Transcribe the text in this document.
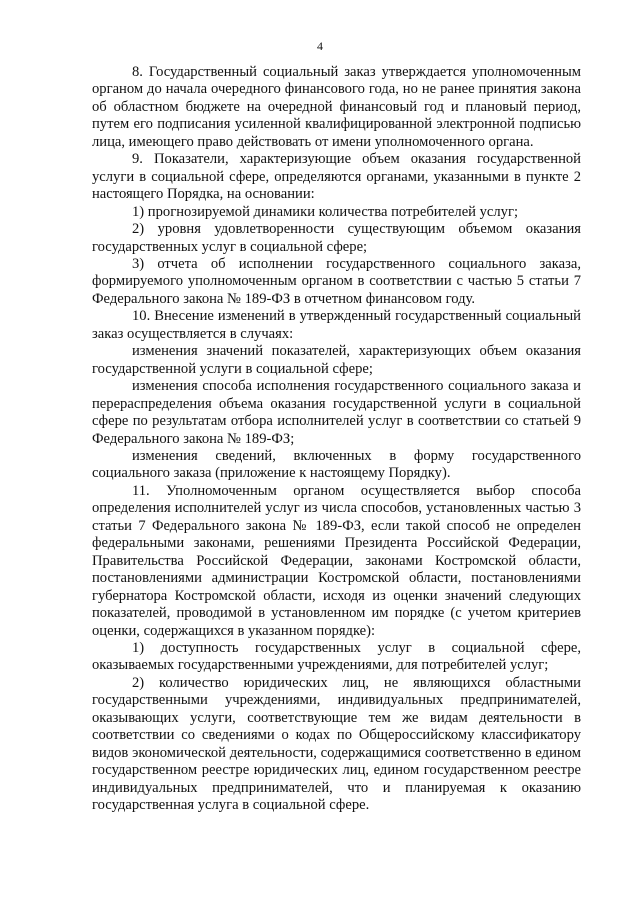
4

8. Государственный социальный заказ утверждается уполномоченным органом до начала очередного финансового года, но не ранее принятия закона об областном бюджете на очередной финансовый год и плановый период, путем его подписания усиленной квалифицированной электронной подписью лица, имеющего право действовать от имени уполномоченного органа.

9. Показатели, характеризующие объем оказания государственной услуги в социальной сфере, определяются органами, указанными в пункте 2 настоящего Порядка, на основании:

1) прогнозируемой динамики количества потребителей услуг;

2) уровня удовлетворенности существующим объемом оказания государственных услуг в социальной сфере;

3) отчета об исполнении государственного социального заказа, формируемого уполномоченным органом в соответствии с частью 5 статьи 7 Федерального закона № 189-ФЗ в отчетном финансовом году.

10. Внесение изменений в утвержденный государственный социальный заказ осуществляется в случаях:

изменения значений показателей, характеризующих объем оказания государственной услуги в социальной сфере;

изменения способа исполнения государственного социального заказа и перераспределения объема оказания государственной услуги в социальной сфере по результатам отбора исполнителей услуг в соответствии со статьей 9 Федерального закона № 189-ФЗ;

изменения сведений, включенных в форму государственного социального заказа (приложение к настоящему Порядку).

11. Уполномоченным органом осуществляется выбор способа определения исполнителей услуг из числа способов, установленных частью 3 статьи 7 Федерального закона № 189-ФЗ, если такой способ не определен федеральными законами, решениями Президента Российской Федерации, Правительства Российской Федерации, законами Костромской области, постановлениями администрации Костромской области, постановлениями губернатора Костромской области, исходя из оценки значений следующих показателей, проводимой в установленном им порядке (с учетом критериев оценки, содержащихся в указанном порядке):

1) доступность государственных услуг в социальной сфере, оказываемых государственными учреждениями, для потребителей услуг;

2) количество юридических лиц, не являющихся областными государственными учреждениями, индивидуальных предпринимателей, оказывающих услуги, соответствующие тем же видам деятельности в соответствии со сведениями о кодах по Общероссийскому классификатору видов экономической деятельности, содержащимися соответственно в едином государственном реестре юридических лиц, едином государственном реестре индивидуальных предпринимателей, что и планируемая к оказанию государственная услуга в социальной сфере.
